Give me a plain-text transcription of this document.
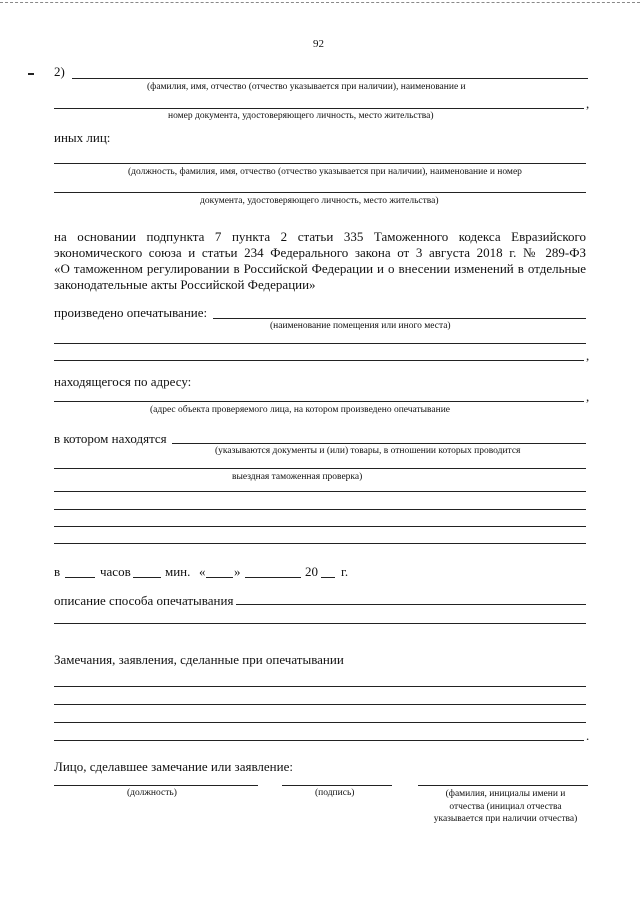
92
2)
(фамилия, имя, отчество (отчество указывается при наличии), наименование и
,
номер документа, удостоверяющего личность, место жительства)
иных лиц:
(должность, фамилия, имя, отчество (отчество указывается при наличии), наименование и номер
документа, удостоверяющего личность, место жительства)
на основании подпункта 7 пункта 2 статьи 335 Таможенного кодекса Евразийского
экономического союза и статьи 234 Федерального закона от 3 августа 2018 г. № 289-ФЗ
«О таможенном регулировании в Российской Федерации и о внесении изменений в отдельные
законодательные акты Российской Федерации»
произведено опечатывание:
(наименование помещения или иного места)
,
находящегося по адресу:
,
(адрес объекта проверяемого лица, на котором произведено опечатывание
в котором находятся
(указываются документы и (или) товары, в отношении которых проводится
выездная таможенная проверка)
в	часов	мин. « »	20 г.
описание способа опечатывания
Замечания, заявления, сделанные при опечатывании
.
Лицо, сделавшее замечание или заявление:
(должность)	(подпись)	(фамилия, инициалы имени и
отчества (инициал отчества
указывается при наличии отчества)
